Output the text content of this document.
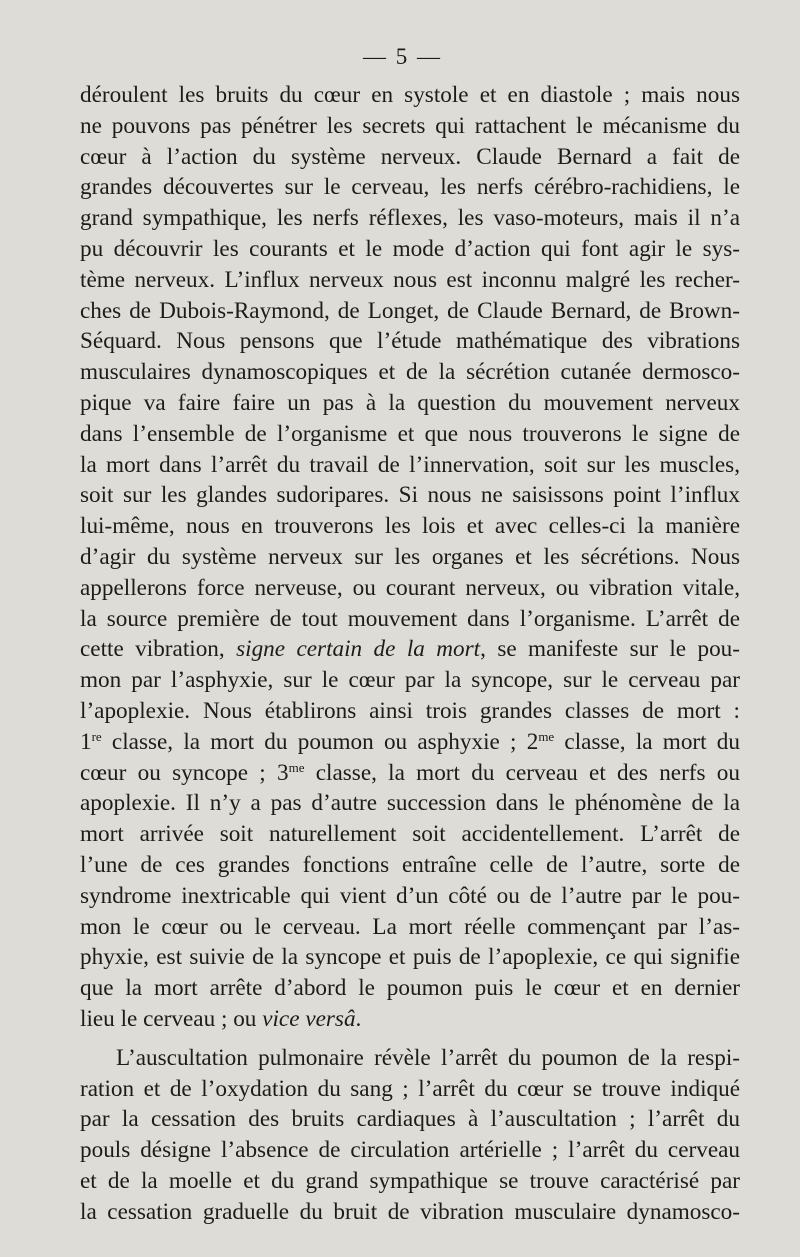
— 5 —
déroulent les bruits du cœur en systole et en diastole ; mais nous
ne pouvons pas pénétrer les secrets qui rattachent le mécanisme du
cœur à l’action du système nerveux. Claude Bernard a fait de
grandes découvertes sur le cerveau, les nerfs cérébro-rachidiens, le
grand sympathique, les nerfs réflexes, les vaso-moteurs, mais il n’a
pu découvrir les courants et le mode d’action qui font agir le sys-
tème nerveux. L’influx nerveux nous est inconnu malgré les recher-
ches de Dubois-Raymond, de Longet, de Claude Bernard, de Brown-
Séquard. Nous pensons que l’étude mathématique des vibrations
musculaires dynamoscopiques et de la sécrétion cutanée dermosco-
pique va faire faire un pas à la question du mouvement nerveux
dans l’ensemble de l’organisme et que nous trouverons le signe de
la mort dans l’arrêt du travail de l’innervation, soit sur les muscles,
soit sur les glandes sudoripares. Si nous ne saisissons point l’influx
lui-même, nous en trouverons les lois et avec celles-ci la manière
d’agir du système nerveux sur les organes et les sécrétions. Nous
appellerons force nerveuse, ou courant nerveux, ou vibration vitale,
la source première de tout mouvement dans l’organisme. L’arrêt de
cette vibration, signe certain de la mort, se manifeste sur le pou-
mon par l’asphyxie, sur le cœur par la syncope, sur le cerveau par
l’apoplexie. Nous établirons ainsi trois grandes classes de mort :
1re classe, la mort du poumon ou asphyxie ; $2^{me}$ classe, la mort du
cœur ou syncope ; $3^{me}$ classe, la mort du cerveau et des nerfs ou
apoplexie. Il n’y a pas d’autre succession dans le phénomène de la
mort arrivée soit naturellement soit accidentellement. L’arrêt de
l’une de ces grandes fonctions entraîne celle de l’autre, sorte de
syndrome inextricable qui vient d’un côté ou de l’autre par le pou-
mon le cœur ou le cerveau. La mort réelle commençant par l’as-
phyxie, est suivie de la syncope et puis de l’apoplexie, ce qui signifie
que la mort arrête d’abord le poumon puis le cœur et en dernier
lieu le cerveau ; ou vice versâ.
L’auscultation pulmonaire révèle l’arrêt du poumon de la respi-
ration et de l’oxydation du sang ; l’arrêt du cœur se trouve indiqué
par la cessation des bruits cardiaques à l’auscultation ; l’arrêt du
pouls désigne l’absence de circulation artérielle ; l’arrêt du cerveau
et de la moelle et du grand sympathique se trouve caractérisé par
la cessation graduelle du bruit de vibration musculaire dynamosco-
